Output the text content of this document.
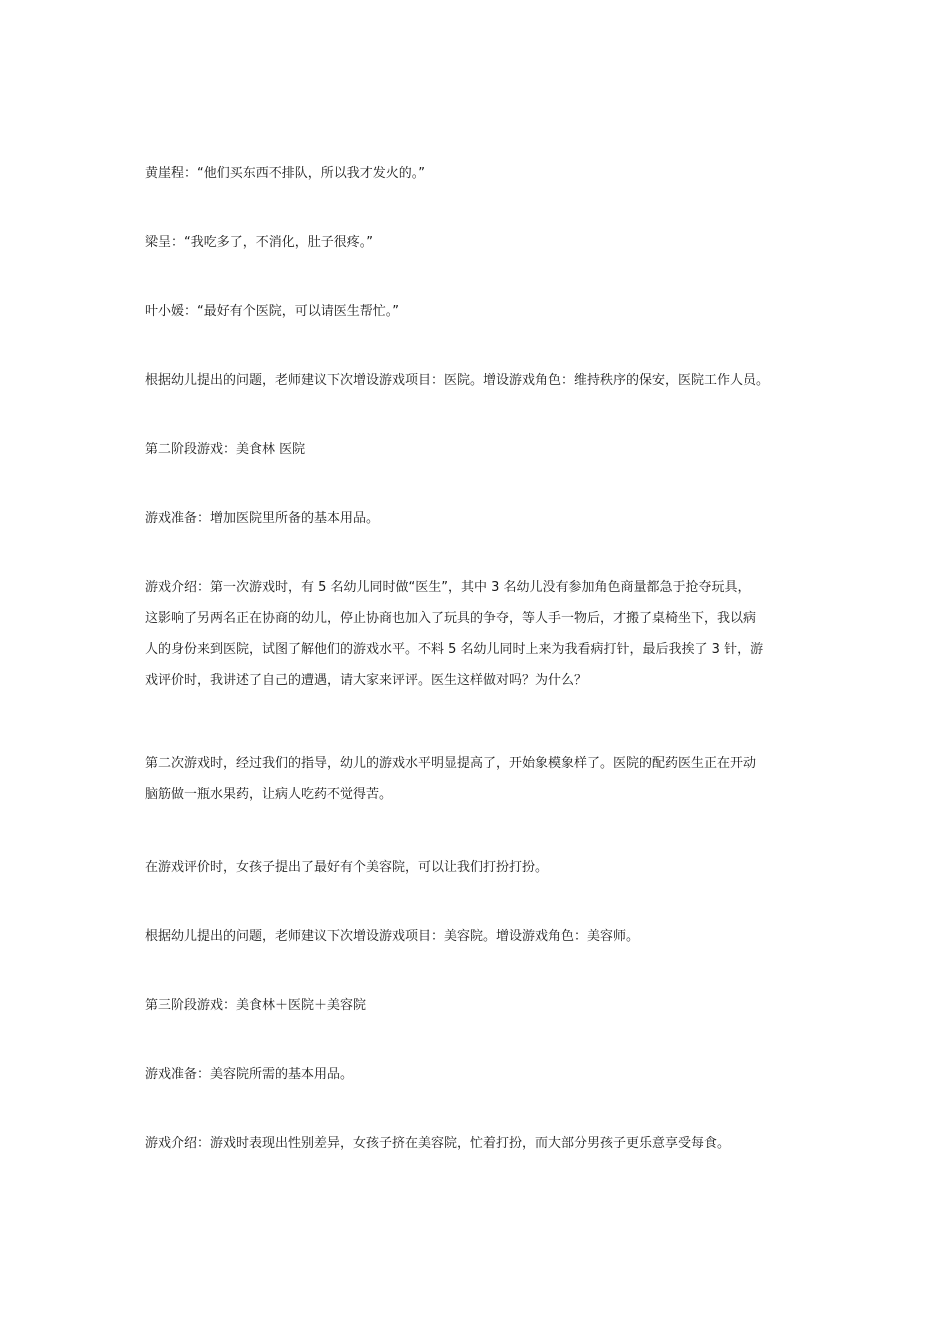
黄崖程：“他们买东西不排队，所以我才发火的。”

梁呈：“我吃多了，不消化，肚子很疼。”

叶小媛：“最好有个医院，可以请医生帮忙。”

根据幼儿提出的问题，老师建议下次增设游戏项目：医院。增设游戏角色：维持秩序的保安，医院工作人员。

第二阶段游戏：美食林 医院

游戏准备：增加医院里所备的基本用品。

游戏介绍：第一次游戏时，有 5 名幼儿同时做“医生”，其中 3 名幼儿没有参加角色商量都急于抢夺玩具，
这影响了另两名正在协商的幼儿，停止协商也加入了玩具的争夺，等人手一物后，才搬了桌椅坐下，我以病
人的身份来到医院，试图了解他们的游戏水平。不料 5 名幼儿同时上来为我看病打针，最后我挨了 3 针，游
戏评价时，我讲述了自己的遭遇，请大家来评评。医生这样做对吗？为什么？

第二次游戏时，经过我们的指导，幼儿的游戏水平明显提高了，开始象模象样了。医院的配药医生正在开动
脑筋做一瓶水果药，让病人吃药不觉得苦。

在游戏评价时，女孩子提出了最好有个美容院，可以让我们打扮打扮。

根据幼儿提出的问题，老师建议下次增设游戏项目：美容院。增设游戏角色：美容师。

第三阶段游戏：美食林＋医院＋美容院

游戏准备：美容院所需的基本用品。

游戏介绍：游戏时表现出性别差异，女孩子挤在美容院，忙着打扮，而大部分男孩子更乐意享受每食。
